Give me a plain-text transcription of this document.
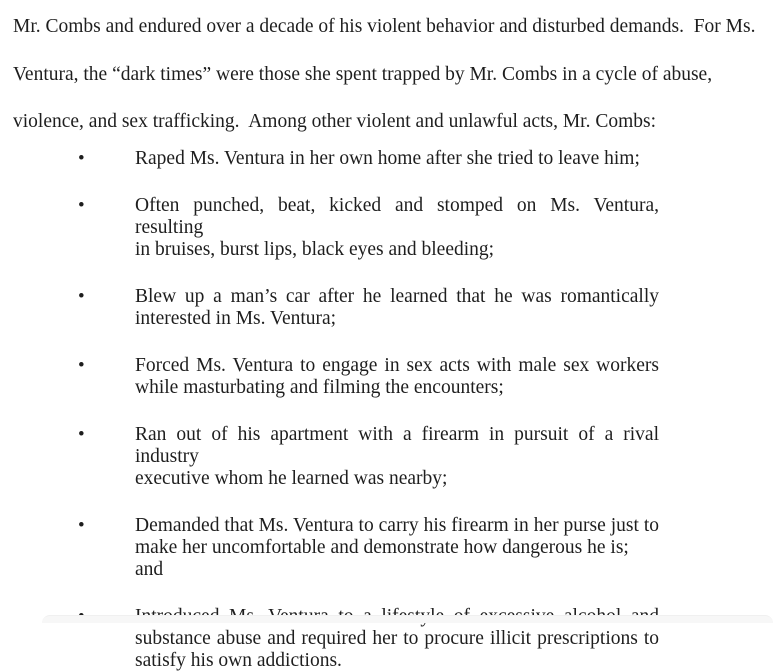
Mr. Combs and endured over a decade of his violent behavior and disturbed demands.  For Ms.
Ventura, the “dark times” were those she spent trapped by Mr. Combs in a cycle of abuse,
violence, and sex trafficking.  Among other violent and unlawful acts, Mr. Combs:
•	Raped Ms. Ventura in her own home after she tried to leave him;
•	Often punched, beat, kicked and stomped on Ms. Ventura, resulting
in bruises, burst lips, black eyes and bleeding;
•	Blew up a man’s car after he learned that he was romantically
interested in Ms. Ventura;
•	Forced Ms. Ventura to engage in sex acts with male sex workers
while masturbating and filming the encounters;
•	Ran out of his apartment with a firearm in pursuit of a rival industry
executive whom he learned was nearby;
•	Demanded that Ms. Ventura to carry his firearm in her purse just to
make her uncomfortable and demonstrate how dangerous he is; and
substance abuse and required her to procure illicit prescriptions to
satisfy his own addictions.
